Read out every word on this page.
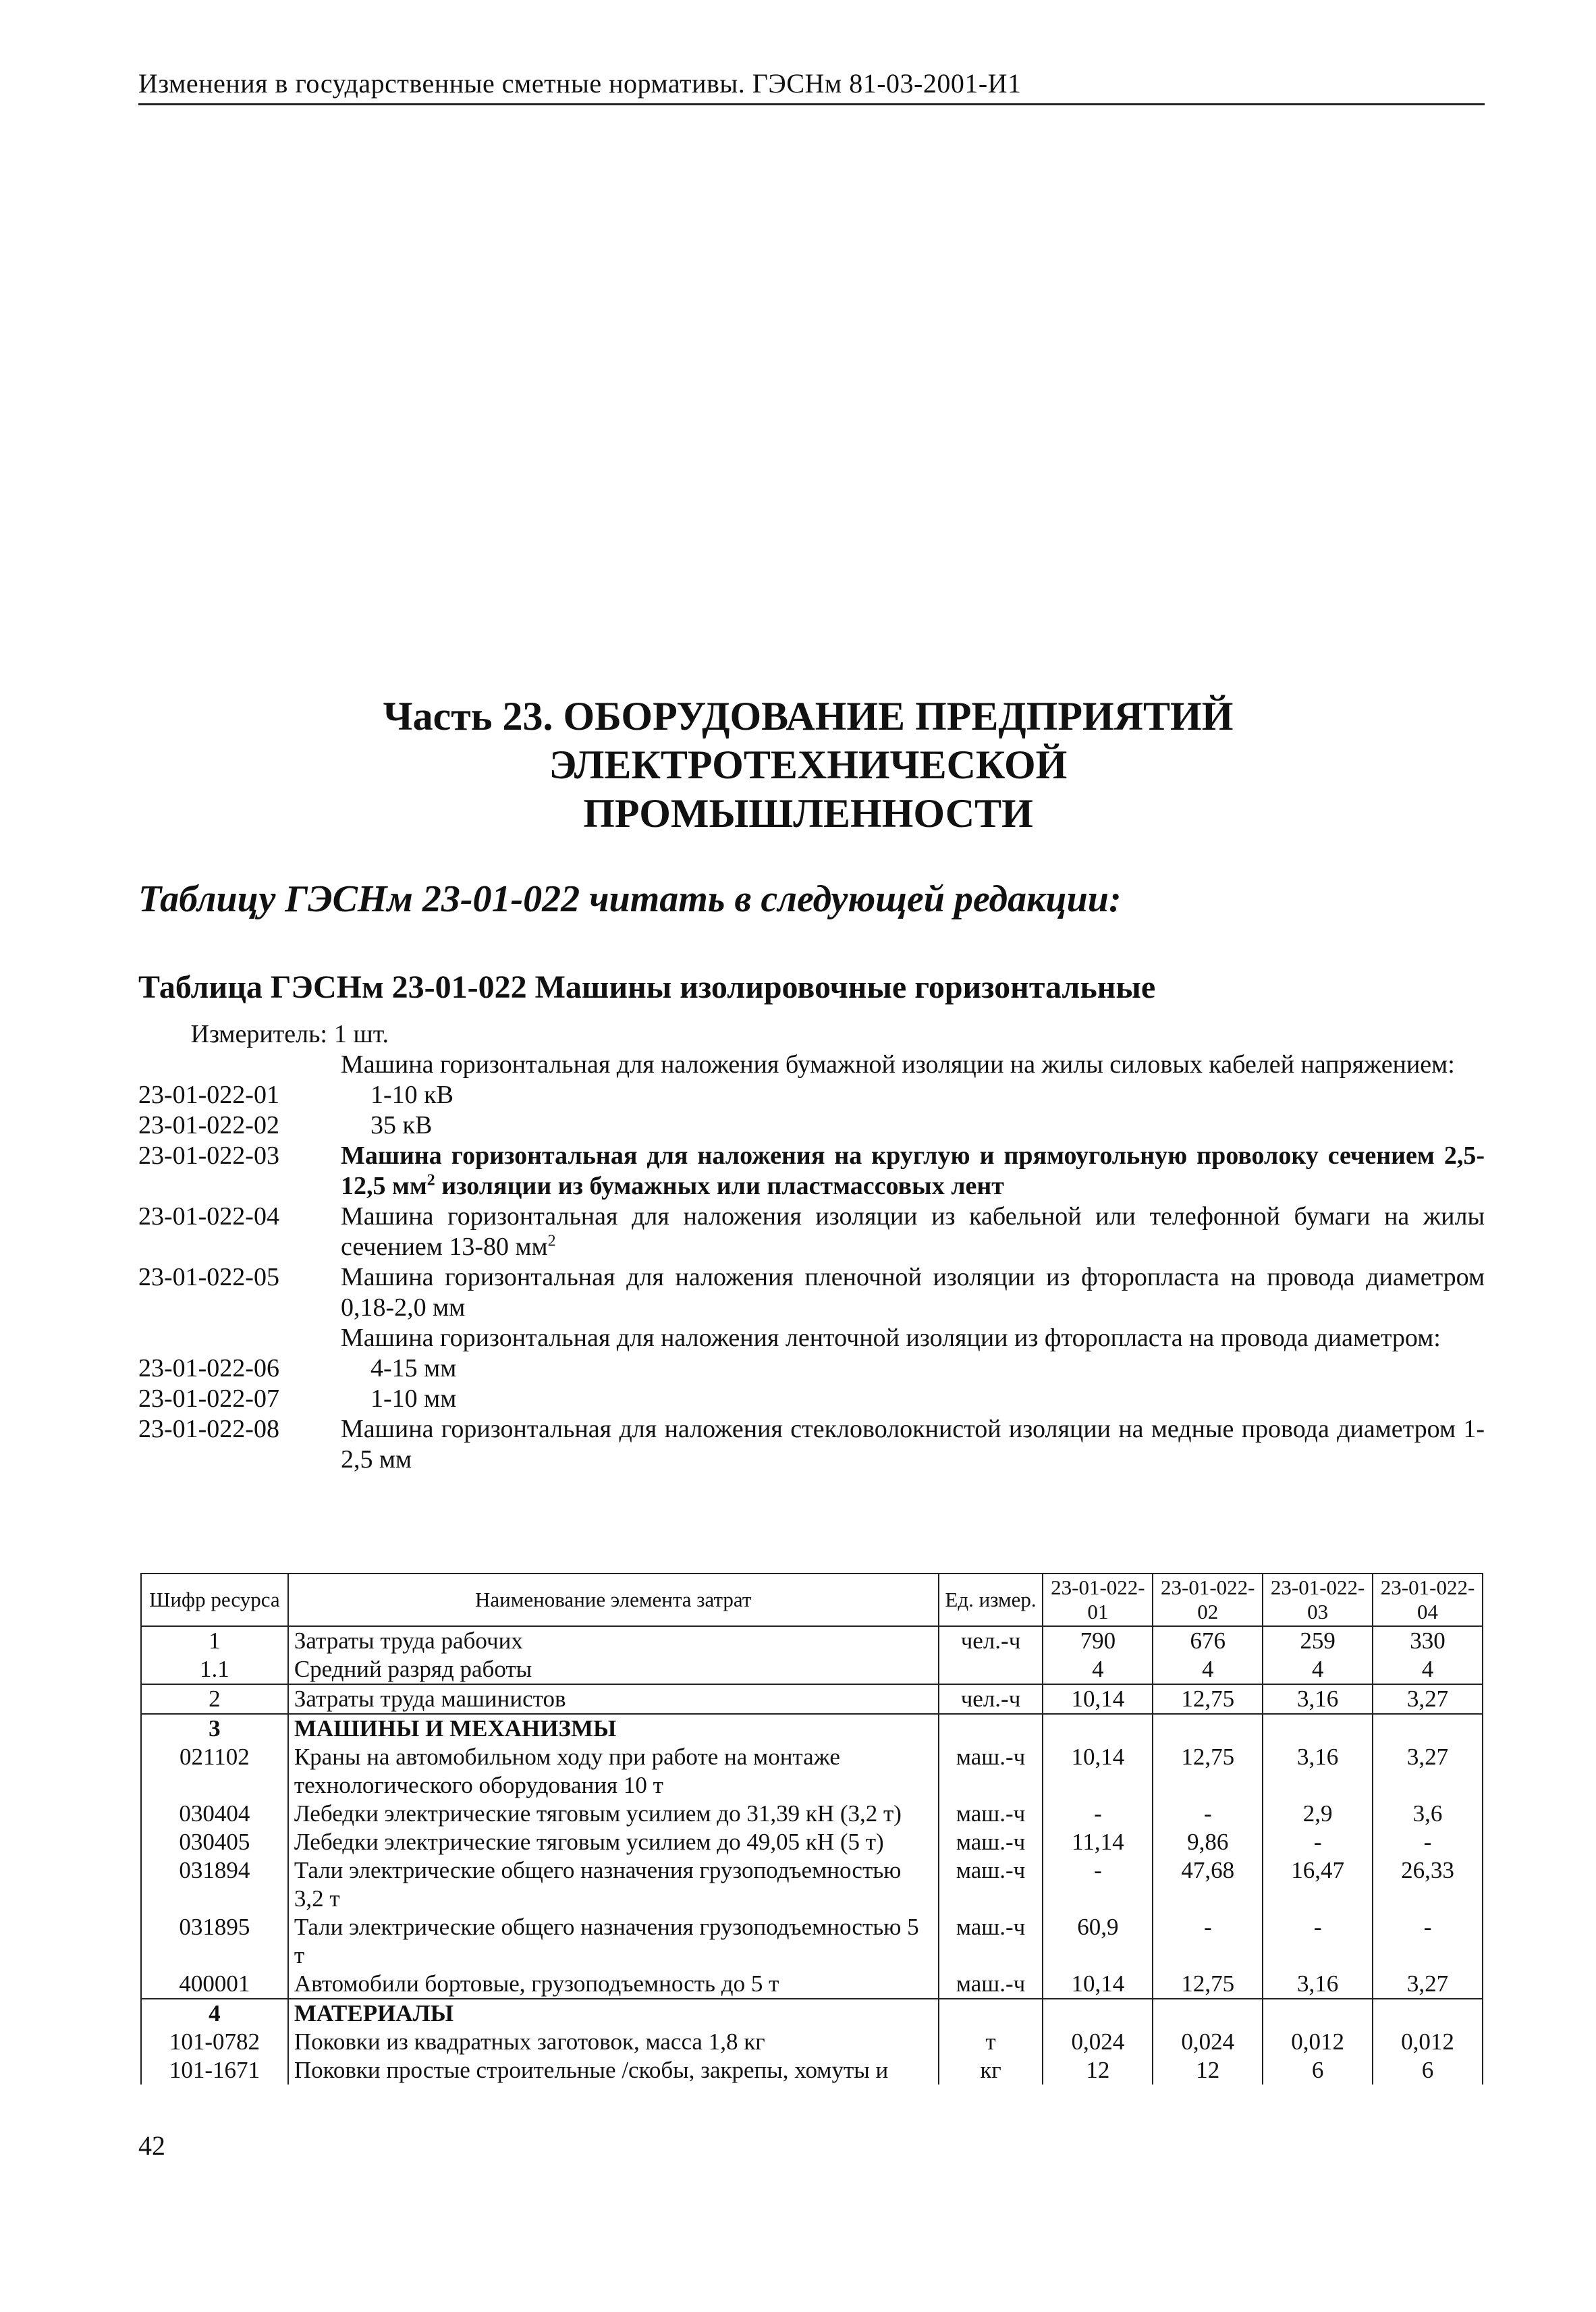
Изменения в государственные сметные нормативы. ГЭСНм 81-03-2001-И1
Часть 23. ОБОРУДОВАНИЕ ПРЕДПРИЯТИЙ ЭЛЕКТРОТЕХНИЧЕСКОЙ
ПРОМЫШЛЕННОСТИ
Таблицу ГЭСНм 23-01-022 читать в следующей редакции:
Таблица ГЭСНм 23-01-022 Машины изолировочные горизонтальные
Измеритель: 1 шт.
Машина горизонтальная для наложения бумажной изоляции на жилы силовых кабелей напряжением:
23-01-022-01	1-10 кВ
23-01-022-02	35 кВ
23-01-022-03	Машина горизонтальная для наложения на круглую и прямоугольную проволоку сечением 2,5-12,5 $мм^2$ изоляции из бумажных или пластмассовых лент
23-01-022-04	Машина горизонтальная для наложения изоляции из кабельной или телефонной бумаги на жилы сечением 13-80 $мм^2$
23-01-022-05	Машина горизонтальная для наложения пленочной изоляции из фторопласта на провода диаметром 0,18-2,0 мм
Машина горизонтальная для наложения ленточной изоляции из фторопласта на провода диаметром:
23-01-022-06	4-15 мм
23-01-022-07	1-10 мм
23-01-022-08	Машина горизонтальная для наложения стекловолокнистой изоляции на медные провода диаметром 1-2,5 мм
Шифр ресурса	Наименование элемента затрат	Ед. измер.	23-01-022-01	23-01-022-02	23-01-022-03	23-01-022-04
1	Затраты труда рабочих	чел.-ч	790	676	259	330
1.1	Средний разряд работы		4	4	4	4
2	Затраты труда машинистов	чел.-ч	10,14	12,75	3,16	3,27
3	МАШИНЫ И МЕХАНИЗМЫ					
021102	Краны на автомобильном ходу при работе на монтаже технологического оборудования 10 т	маш.-ч	10,14	12,75	3,16	3,27
030404	Лебедки электрические тяговым усилием до 31,39 кН (3,2 т)	маш.-ч	-	-	2,9	3,6
030405	Лебедки электрические тяговым усилием до 49,05 кН (5 т)	маш.-ч	11,14	9,86	-	-
031894	Тали электрические общего назначения грузоподъемностью 3,2 т	маш.-ч	-	47,68	16,47	26,33
031895	Тали электрические общего назначения грузоподъемностью 5 т	маш.-ч	60,9	-	-	-
400001	Автомобили бортовые, грузоподъемность до 5 т	маш.-ч	10,14	12,75	3,16	3,27
4	МАТЕРИАЛЫ					
101-0782	Поковки из квадратных заготовок, масса 1,8 кг	т	0,024	0,024	0,012	0,012
101-1671	Поковки простые строительные /скобы, закрепы, хомуты и	кг	12	12	6	6
42
